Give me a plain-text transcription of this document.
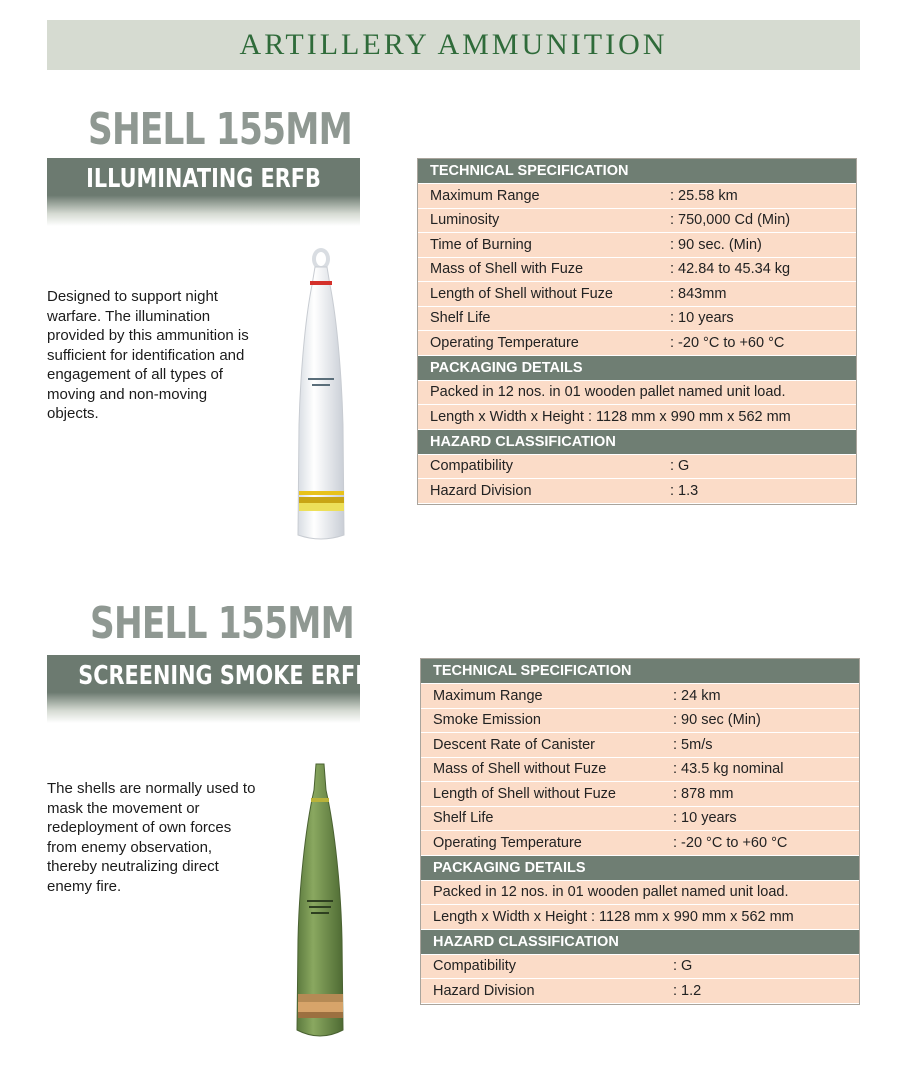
ARTILLERY AMMUNITION
SHELL 155MM
ILLUMINATING ERFB
Designed to support night warfare. The illumination provided by this ammunition is sufficient for identification and engagement of all types of moving and non-moving objects.
TECHNICAL SPECIFICATION
Maximum Range	: 25.58 km
Luminosity	: 750,000 Cd (Min)
Time of Burning	: 90 sec. (Min)
Mass of Shell with Fuze	: 42.84 to 45.34 kg
Length of Shell without Fuze	: 843mm
Shelf Life	: 10 years
Operating Temperature	: -20 °C to +60 °C
PACKAGING DETAILS
Packed in 12 nos. in 01 wooden pallet named unit load.
Length x Width x Height : 1128 mm x 990 mm x 562 mm
HAZARD CLASSIFICATION
Compatibility	: G
Hazard Division	: 1.3
SHELL 155MM
SCREENING SMOKE ERFB
The shells are normally used to mask the movement or redeployment of own forces from enemy observation, thereby neutralizing direct enemy fire.
TECHNICAL SPECIFICATION
Maximum Range	: 24 km
Smoke Emission	: 90 sec (Min)
Descent Rate of Canister	: 5m/s
Mass of Shell without Fuze	: 43.5 kg nominal
Length of Shell without Fuze	: 878 mm
Shelf Life	: 10 years
Operating Temperature	: -20 °C to +60 °C
PACKAGING DETAILS
Packed in 12 nos. in 01 wooden pallet named unit load.
Length x Width x Height : 1128 mm x 990 mm x 562 mm
HAZARD CLASSIFICATION
Compatibility	: G
Hazard Division	: 1.2
